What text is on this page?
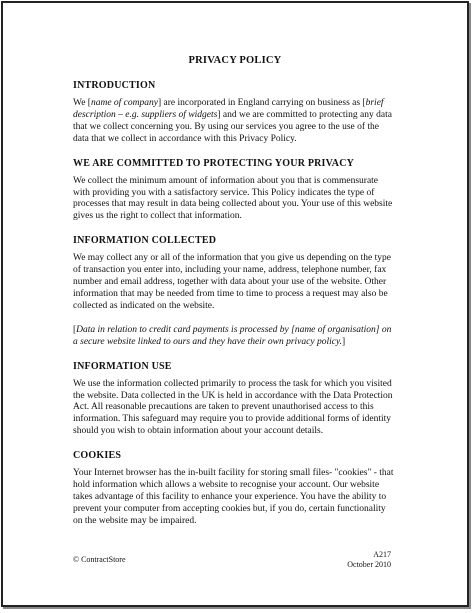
PRIVACY POLICY
INTRODUCTION

We [name of company] are incorporated in England carrying on business as [brief description – e.g. suppliers of widgets] and we are committed to protecting any data that we collect concerning you. By using our services you agree to the use of the data that we collect in accordance with this Privacy Policy.

WE ARE COMMITTED TO PROTECTING YOUR PRIVACY

We collect the minimum amount of information about you that is commensurate with providing you with a satisfactory service. This Policy indicates the type of processes that may result in data being collected about you. Your use of this website gives us the right to collect that information.

INFORMATION COLLECTED

We may collect any or all of the information that you give us depending on the type of transaction you enter into, including your name, address, telephone number, fax number and email address, together with data about your use of the website. Other information that may be needed from time to time to process a request may also be collected as indicated on the website.

[Data in relation to credit card payments is processed by [name of organisation] on a secure website linked to ours and they have their own privacy policy.]

INFORMATION USE

We use the information collected primarily to process the task for which you visited the website. Data collected in the UK is held in accordance with the Data Protection Act. All reasonable precautions are taken to prevent unauthorised access to this information. This safeguard may require you to provide additional forms of identity should you wish to obtain information about your account details.

COOKIES

Your Internet browser has the in-built facility for storing small files- "cookies" - that hold information which allows a website to recognise your account. Our website takes advantage of this facility to enhance your experience. You have the ability to prevent your computer from accepting cookies but, if you do, certain functionality on the website may be impaired.

© ContractStore
A217
October 2010
